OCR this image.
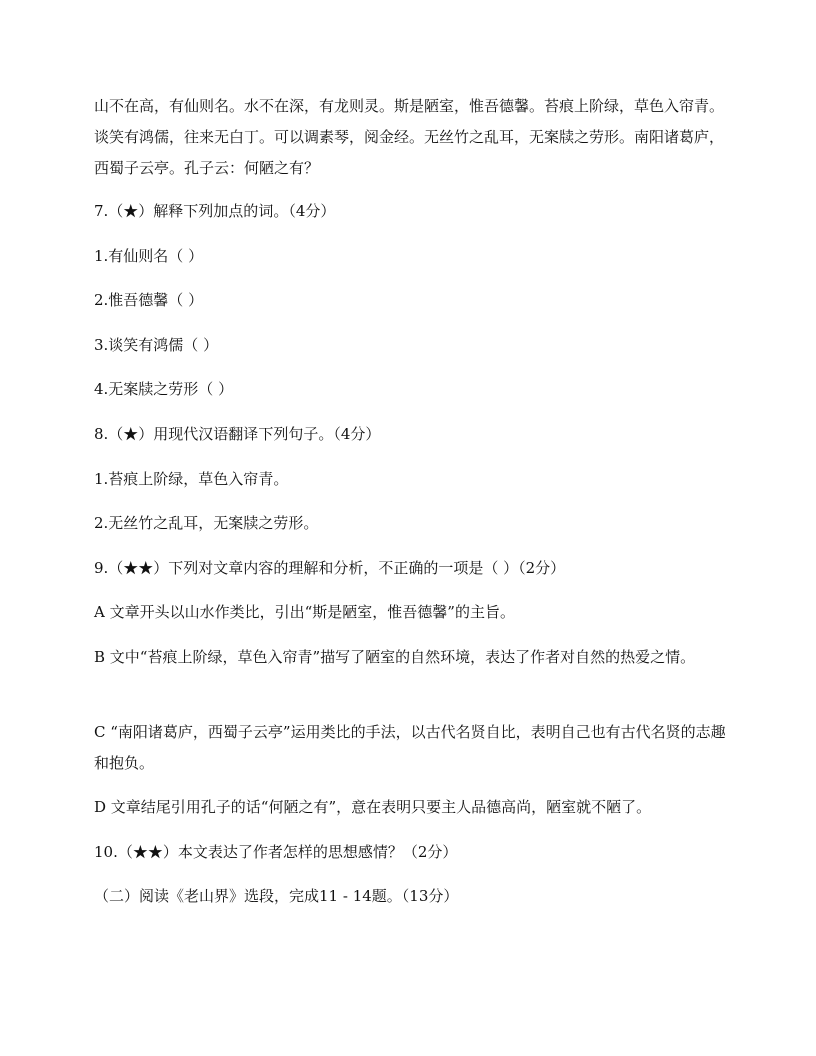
山不在高，有仙则名。水不在深，有龙则灵。斯是陋室，惟吾德馨。苔痕上阶绿，草色入帘青。谈笑有鸿儒，往来无白丁。可以调素琴，阅金经。无丝竹之乱耳，无案牍之劳形。南阳诸葛庐，西蜀子云亭。孔子云：何陋之有？

7.（★）解释下列加点的词。（4分）

1.有仙则名（ ）

2.惟吾德馨（ ）

3.谈笑有鸿儒（ ）

4.无案牍之劳形（ ）

8.（★）用现代汉语翻译下列句子。（4分）

1.苔痕上阶绿，草色入帘青。

2.无丝竹之乱耳，无案牍之劳形。

9.（★★）下列对文章内容的理解和分析，不正确的一项是（ ）（2分）

A 文章开头以山水作类比，引出“斯是陋室，惟吾德馨”的主旨。

B 文中“苔痕上阶绿，草色入帘青”描写了陋室的自然环境，表达了作者对自然的热爱之情。

C “南阳诸葛庐，西蜀子云亭”运用类比的手法，以古代名贤自比，表明自己也有古代名贤的志趣和抱负。

D 文章结尾引用孔子的话“何陋之有”，意在表明只要主人品德高尚，陋室就不陋了。

10.（★★）本文表达了作者怎样的思想感情？（2分）

（二）阅读《老山界》选段，完成11 - 14题。（13分）
